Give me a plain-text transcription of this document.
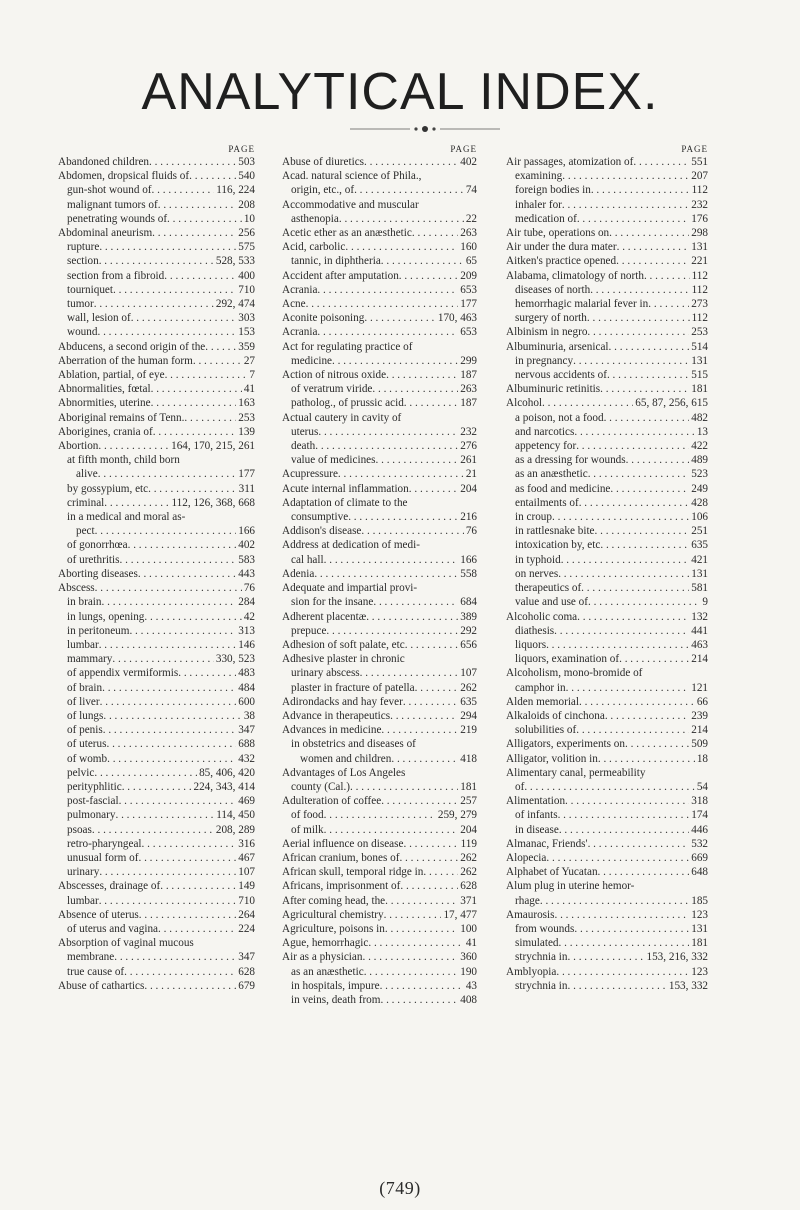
ANALYTICAL INDEX.
PAGE
Abandoned children . . .	503
Abdomen, dropsical fluids of . . .	540
gun-shot wound of . . .	116, 224
malignant tumors of . . .	208
penetrating wounds of . . .	10
Abdominal aneurism . . .	256
rupture . . .	575
section . . .	528, 533
section from a fibroid . . .	400
tourniquet . . .	710
tumor . . .	292, 474
wall, lesion of . . .	303
wound . . .	153
Abducens, a second origin of the . . .	359
Aberration of the human form . . .	27
Ablation, partial, of eye . . .	7
Abnormalities, fœtal . . .	41
Abnormities, uterine . . .	163
Aboriginal remains of Tenn. . . .	253
Aborigines, crania of . . .	139
Abortion . . .	164, 170, 215, 261
at fifth month, child born
alive . . .	177
by gossypium, etc . . .	311
criminal . . .	112, 126, 368, 668
in a medical and moral as-
pect . . .	166
of gonorrhœa . . .	402
of urethritis . . .	583
Aborting diseases . . .	443
Abscess . . .	76
in brain . . .	284
in lungs, opening . . .	42
in peritoneum . . .	313
lumbar . . .	146
mammary . . .	330, 523
of appendix vermiformis . . .	483
of brain . . .	484
of liver . . .	600
of lungs . . .	38
of penis . . .	347
of uterus . . .	688
of womb . . .	432
pelvic . . .	85, 406, 420
perityphlitic . . .	224, 343, 414
post-fascial . . .	469
pulmonary . . .	114, 450
psoas . . .	208, 289
retro-pharyngeal . . .	316
unusual form of . . .	467
urinary . . .	107
Abscesses, drainage of . . .	149
lumbar . . .	710
Absence of uterus . . .	264
of uterus and vagina . . .	224
Absorption of vaginal mucous
membrane . . .	347
true cause of . . .	628
Abuse of cathartics . . .	679
PAGE
Abuse of diuretics . . .	402
Acad. natural science of Phila.,
origin, etc., of . . .	74
Accommodative and muscular
asthenopia . . .	22
Acetic ether as an anæsthetic . . .	263
Acid, carbolic . . .	160
tannic, in diphtheria . . .	65
Accident after amputation . . .	209
Acrania . . .	653
Acne . . .	177
Aconite poisoning . . .	170, 463
Acrania . . .	653
Act for regulating practice of
medicine . . .	299
Action of nitrous oxide . . .	187
of veratrum viride . . .	263
patholog., of prussic acid . . .	187
Actual cautery in cavity of
uterus . . .	232
death . . .	276
value of medicines . . .	261
Acupressure . . .	21
Acute internal inflammation . . .	204
Adaptation of climate to the
consumptive . . .	216
Addison's disease . . .	76
Address at dedication of medi-
cal hall . . .	166
Adenia . . .	558
Adequate and impartial provi-
sion for the insane . . .	684
Adherent placentæ . . .	389
prepuce . . .	292
Adhesion of soft palate, etc . . .	656
Adhesive plaster in chronic
urinary abscess . . .	107
plaster in fracture of patella . . .	262
Adirondacks and hay fever . . .	635
Advance in therapeutics . . .	294
Advances in medicine . . .	219
in obstetrics and diseases of
women and children . . .	418
Advantages of Los Angeles
county (Cal.) . . .	181
Adulteration of coffee . . .	257
of food . . .	259, 279
of milk . . .	204
Aerial influence on disease . . .	119
African cranium, bones of . . .	262
African skull, temporal ridge in . . .	262
Africans, imprisonment of . . .	628
After coming head, the . . .	371
Agricultural chemistry . . .	17, 477
Agriculture, poisons in . . .	100
Ague, hemorrhagic . . .	41
Air as a physician . . .	360
as an anæsthetic . . .	190
in hospitals, impure . . .	43
in veins, death from . . .	408
PAGE
Air passages, atomization of . . .	551
examining . . .	207
foreign bodies in . . .	112
inhaler for . . .	232
medication of . . .	176
Air tube, operations on . . .	298
Air under the dura mater . . .	131
Aitken's practice opened . . .	221
Alabama, climatology of north . . .	112
diseases of north . . .	112
hemorrhagic malarial fever in . . .	273
surgery of north . . .	112
Albinism in negro . . .	253
Albuminuria, arsenical . . .	514
in pregnancy . . .	131
nervous accidents of . . .	515
Albuminuric retinitis . . .	181
Alcohol . . .	65, 87, 256, 615
a poison, not a food . . .	482
and narcotics . . .	13
appetency for . . .	422
as a dressing for wounds . . .	489
as an anæsthetic . . .	523
as food and medicine . . .	249
entailments of . . .	428
in croup . . .	106
in rattlesnake bite . . .	251
intoxication by, etc . . .	635
in typhoid . . .	421
on nerves . . .	131
therapeutics of . . .	581
value and use of . . .	9
Alcoholic coma . . .	132
diathesis . . .	441
liquors . . .	463
liquors, examination of . . .	214
Alcoholism, mono-bromide of
camphor in . . .	121
Alden memorial . . .	66
Alkaloids of cinchona . . .	239
solubilities of . . .	214
Alligators, experiments on . . .	509
Alligator, volition in . . .	18
Alimentary canal, permeability
of . . .	54
Alimentation . . .	318
of infants . . .	174
in disease . . .	446
Almanac, Friends' . . .	532
Alopecia . . .	669
Alphabet of Yucatan . . .	648
Alum plug in uterine hemor-
rhage . . .	185
Amaurosis . . .	123
from wounds . . .	131
simulated . . .	181
strychnia in . . .	153, 216, 332
Amblyopia . . .	123
strychnia in . . .	153, 332
(749)
